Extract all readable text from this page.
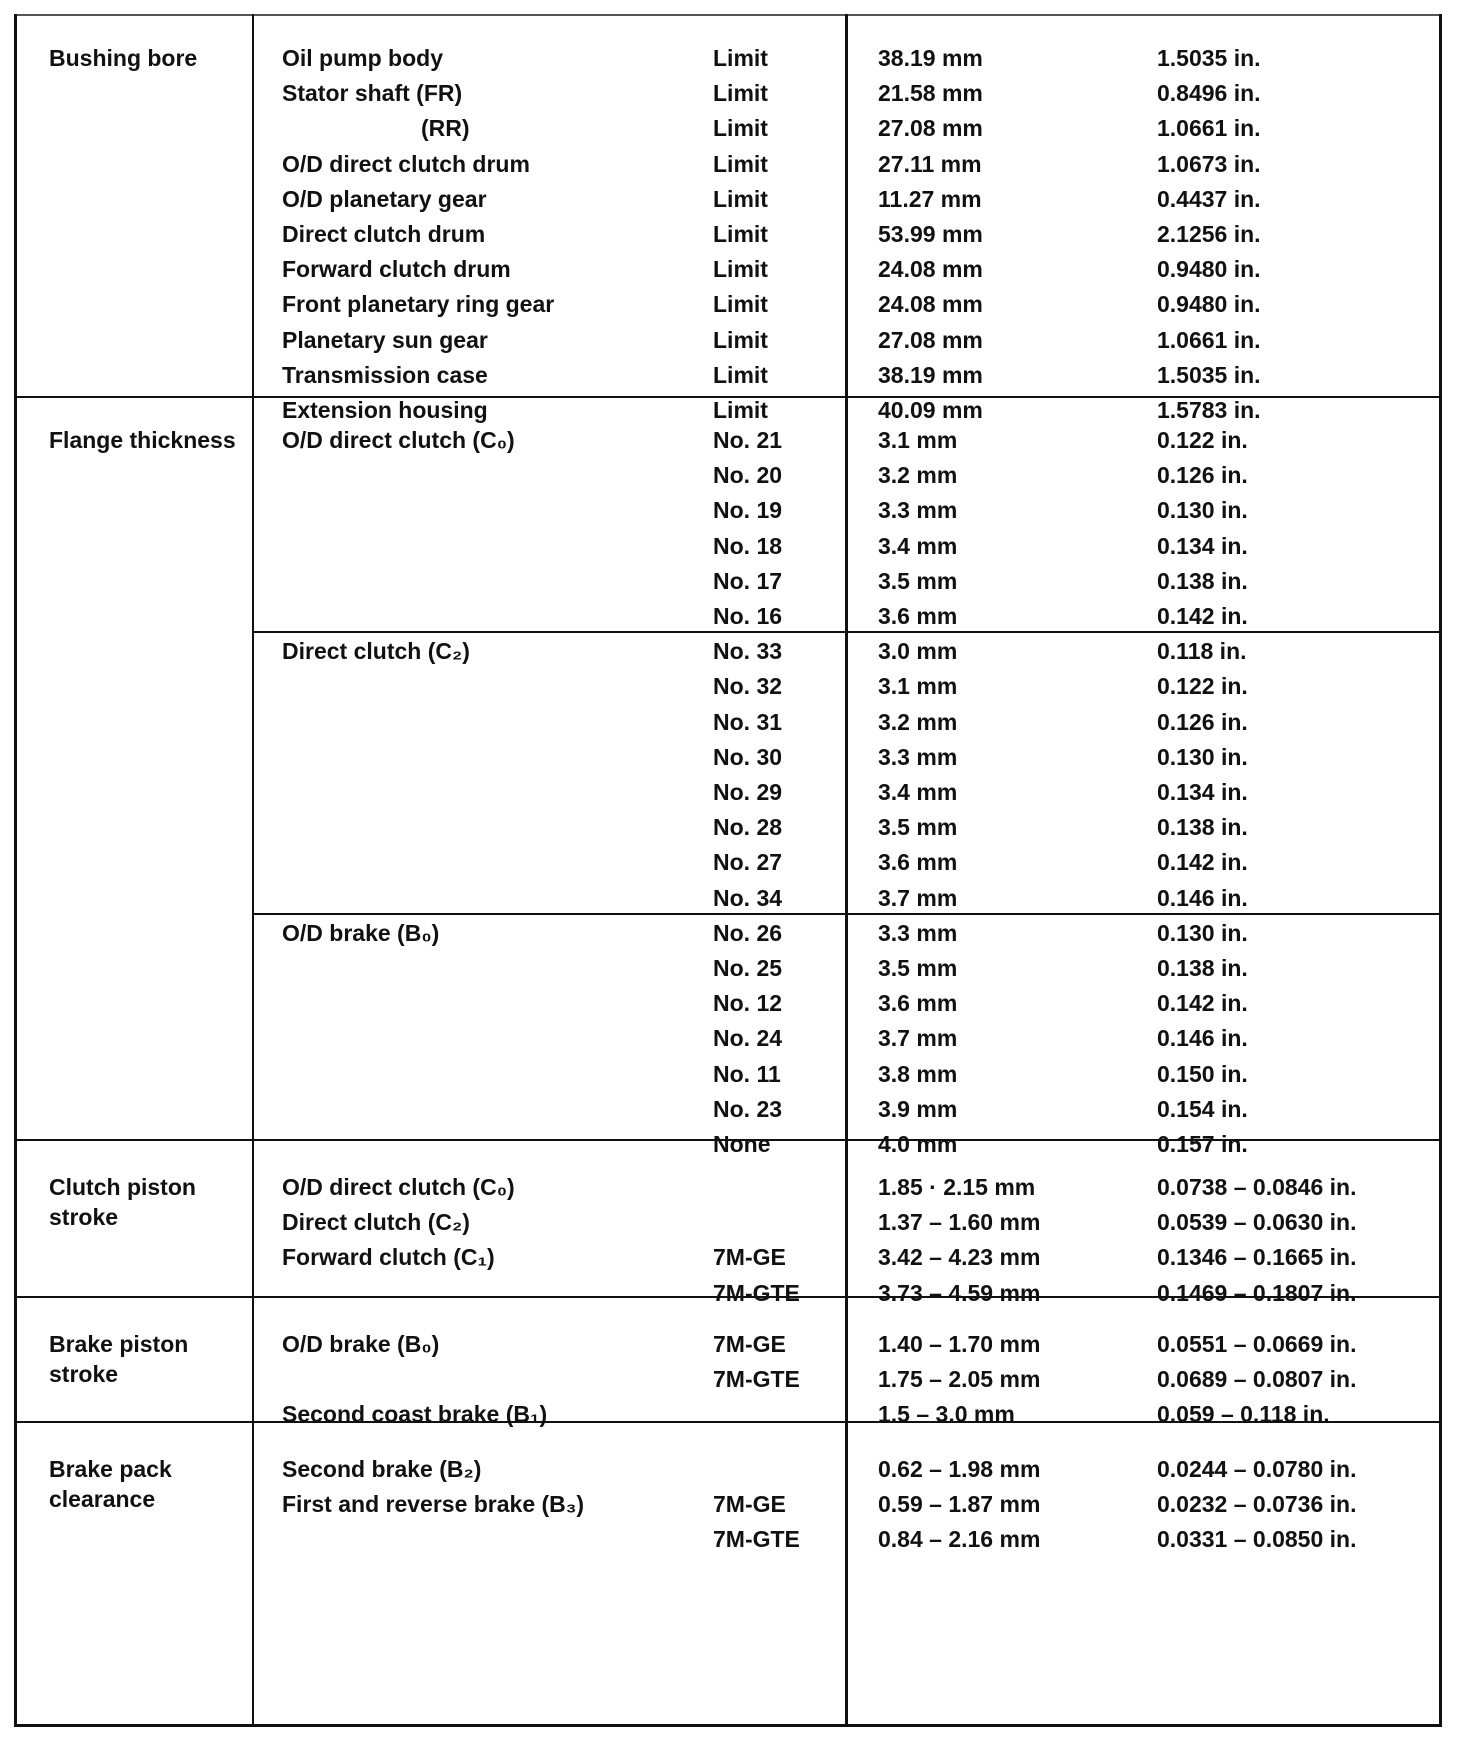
Bushing bore	Oil pump body	Limit	38.19 mm	1.5035 in.
Stator shaft (FR)	Limit	21.58 mm	0.8496 in.
(RR)	Limit	27.08 mm	1.0661 in.
O/D direct clutch drum	Limit	27.11 mm	1.0673 in.
O/D planetary gear	Limit	11.27 mm	0.4437 in.
Direct clutch drum	Limit	53.99 mm	2.1256 in.
Forward clutch drum	Limit	24.08 mm	0.9480 in.
Front planetary ring gear	Limit	24.08 mm	0.9480 in.
Planetary sun gear	Limit	27.08 mm	1.0661 in.
Transmission case	Limit	38.19 mm	1.5035 in.
Extension housing	Limit	40.09 mm	1.5783 in.
Flange thickness O/D direct clutch (C₀)	No. 21	3.1 mm	0.122 in.
No. 20	3.2 mm	0.126 in.
No. 19	3.3 mm	0.130 in.
No. 18	3.4 mm	0.134 in.
No. 17	3.5 mm	0.138 in.
No. 16	3.6 mm	0.142 in.
Direct clutch (C₂)	No. 33	3.0 mm	0.118 in.
No. 32	3.1 mm	0.122 in.
No. 31	3.2 mm	0.126 in.
No. 30	3.3 mm	0.130 in.
No. 29	3.4 mm	0.134 in.
No. 28	3.5 mm	0.138 in.
No. 27	3.6 mm	0.142 in.
No. 34	3.7 mm	0.146 in.
O/D brake (B₀)	No. 26	3.3 mm	0.130 in.
No. 25	3.5 mm	0.138 in.
No. 12	3.6 mm	0.142 in.
No. 24	3.7 mm	0.146 in.
No. 11	3.8 mm	0.150 in.
No. 23	3.9 mm	0.154 in.
None	4.0 mm	0.157 in.
Clutch piston
stroke
O/D direct clutch (C₀)	1.85 · 2.15 mm	0.0738 – 0.0846 in.
Direct clutch (C₂)	1.37 – 1.60 mm	0.0539 – 0.0630 in.
Forward clutch (C₁)	7M-GE	3.42 – 4.23 mm	0.1346 – 0.1665 in.
7M-GTE	3.73 – 4.59 mm	0.1469 – 0.1807 in.
Brake piston
stroke
O/D brake (B₀)	7M-GE	1.40 – 1.70 mm	0.0551 – 0.0669 in.
7M-GTE	1.75 – 2.05 mm	0.0689 – 0.0807 in.
Second coast brake (B₁)	1.5 – 3.0 mm	0.059 – 0.118 in.
Brake pack
clearance
Second brake (B₂)	0.62 – 1.98 mm	0.0244 – 0.0780 in.
First and reverse brake (B₃)	7M-GE	0.59 – 1.87 mm	0.0232 – 0.0736 in.
7M-GTE	0.84 – 2.16 mm	0.0331 – 0.0850 in.
